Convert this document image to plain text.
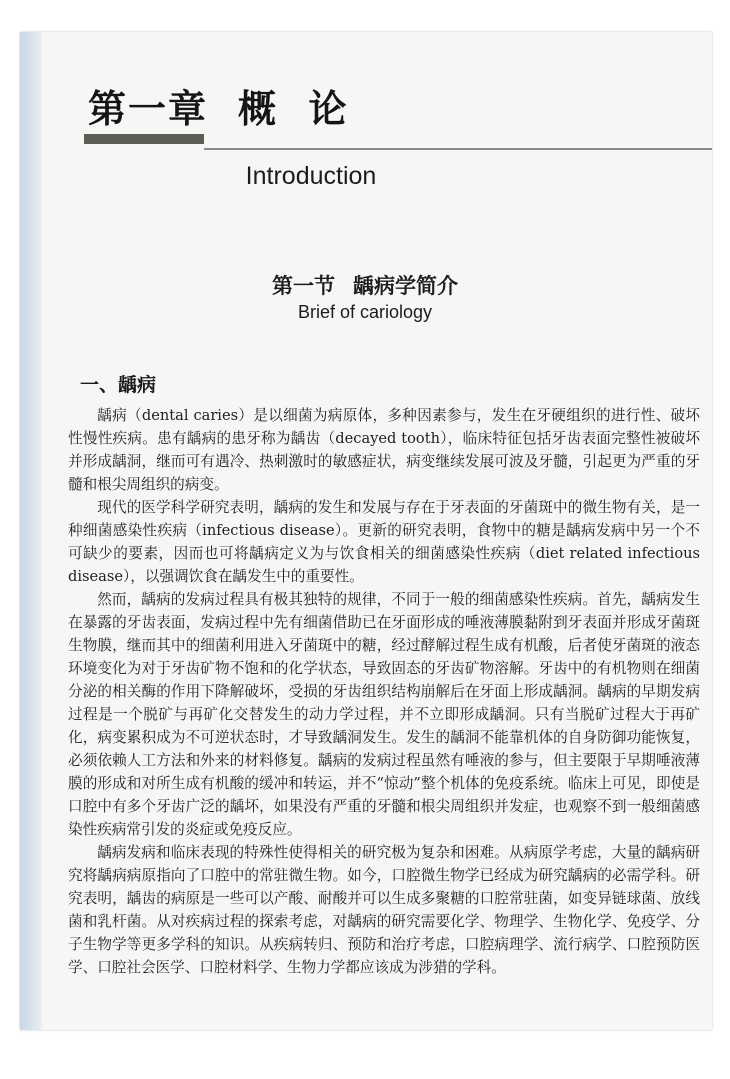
第一章 概  论
Introduction
第一节 龋病学简介
Brief of cariology
一、龋病

龋病（dental caries）是以细菌为病原体，多种因素参与，发生在牙硬组织的进行性、破坏性慢性疾病。患有龋病的患牙称为龋齿（decayed tooth），临床特征包括牙齿表面完整性被破坏并形成龋洞，继而可有遇冷、热刺激时的敏感症状，病变继续发展可波及牙髓，引起更为严重的牙髓和根尖周组织的病变。

现代的医学科学研究表明，龋病的发生和发展与存在于牙表面的牙菌斑中的微生物有关，是一种细菌感染性疾病（infectious disease）。更新的研究表明，食物中的糖是龋病发病中另一个不可缺少的要素，因而也可将龋病定义为与饮食相关的细菌感染性疾病（diet related infectious disease），以强调饮食在龋发生中的重要性。

然而，龋病的发病过程具有极其独特的规律，不同于一般的细菌感染性疾病。首先，龋病发生在暴露的牙齿表面，发病过程中先有细菌借助已在牙面形成的唾液薄膜黏附到牙表面并形成牙菌斑生物膜，继而其中的细菌利用进入牙菌斑中的糖，经过酵解过程生成有机酸，后者使牙菌斑的液态环境变化为对于牙齿矿物不饱和的化学状态，导致固态的牙齿矿物溶解。牙齿中的有机物则在细菌分泌的相关酶的作用下降解破坏，受损的牙齿组织结构崩解后在牙面上形成龋洞。龋病的早期发病过程是一个脱矿与再矿化交替发生的动力学过程，并不立即形成龋洞。只有当脱矿过程大于再矿化，病变累积成为不可逆状态时，才导致龋洞发生。发生的龋洞不能靠机体的自身防御功能恢复，必须依赖人工方法和外来的材料修复。龋病的发病过程虽然有唾液的参与，但主要限于早期唾液薄膜的形成和对所生成有机酸的缓冲和转运，并不“惊动”整个机体的免疫系统。临床上可见，即使是口腔中有多个牙齿广泛的龋坏，如果没有严重的牙髓和根尖周组织并发症，也观察不到一般细菌感染性疾病常引发的炎症或免疫反应。

龋病发病和临床表现的特殊性使得相关的研究极为复杂和困难。从病原学考虑，大量的龋病研究将龋病病原指向了口腔中的常驻微生物。如今，口腔微生物学已经成为研究龋病的必需学科。研究表明，龋齿的病原是一些可以产酸、耐酸并可以生成多聚糖的口腔常驻菌，如变异链球菌、放线菌和乳杆菌。从对疾病过程的探索考虑，对龋病的研究需要化学、物理学、生物化学、免疫学、分子生物学等更多学科的知识。从疾病转归、预防和治疗考虑，口腔病理学、流行病学、口腔预防医学、口腔社会医学、口腔材料学、生物力学都应该成为涉猎的学科。
